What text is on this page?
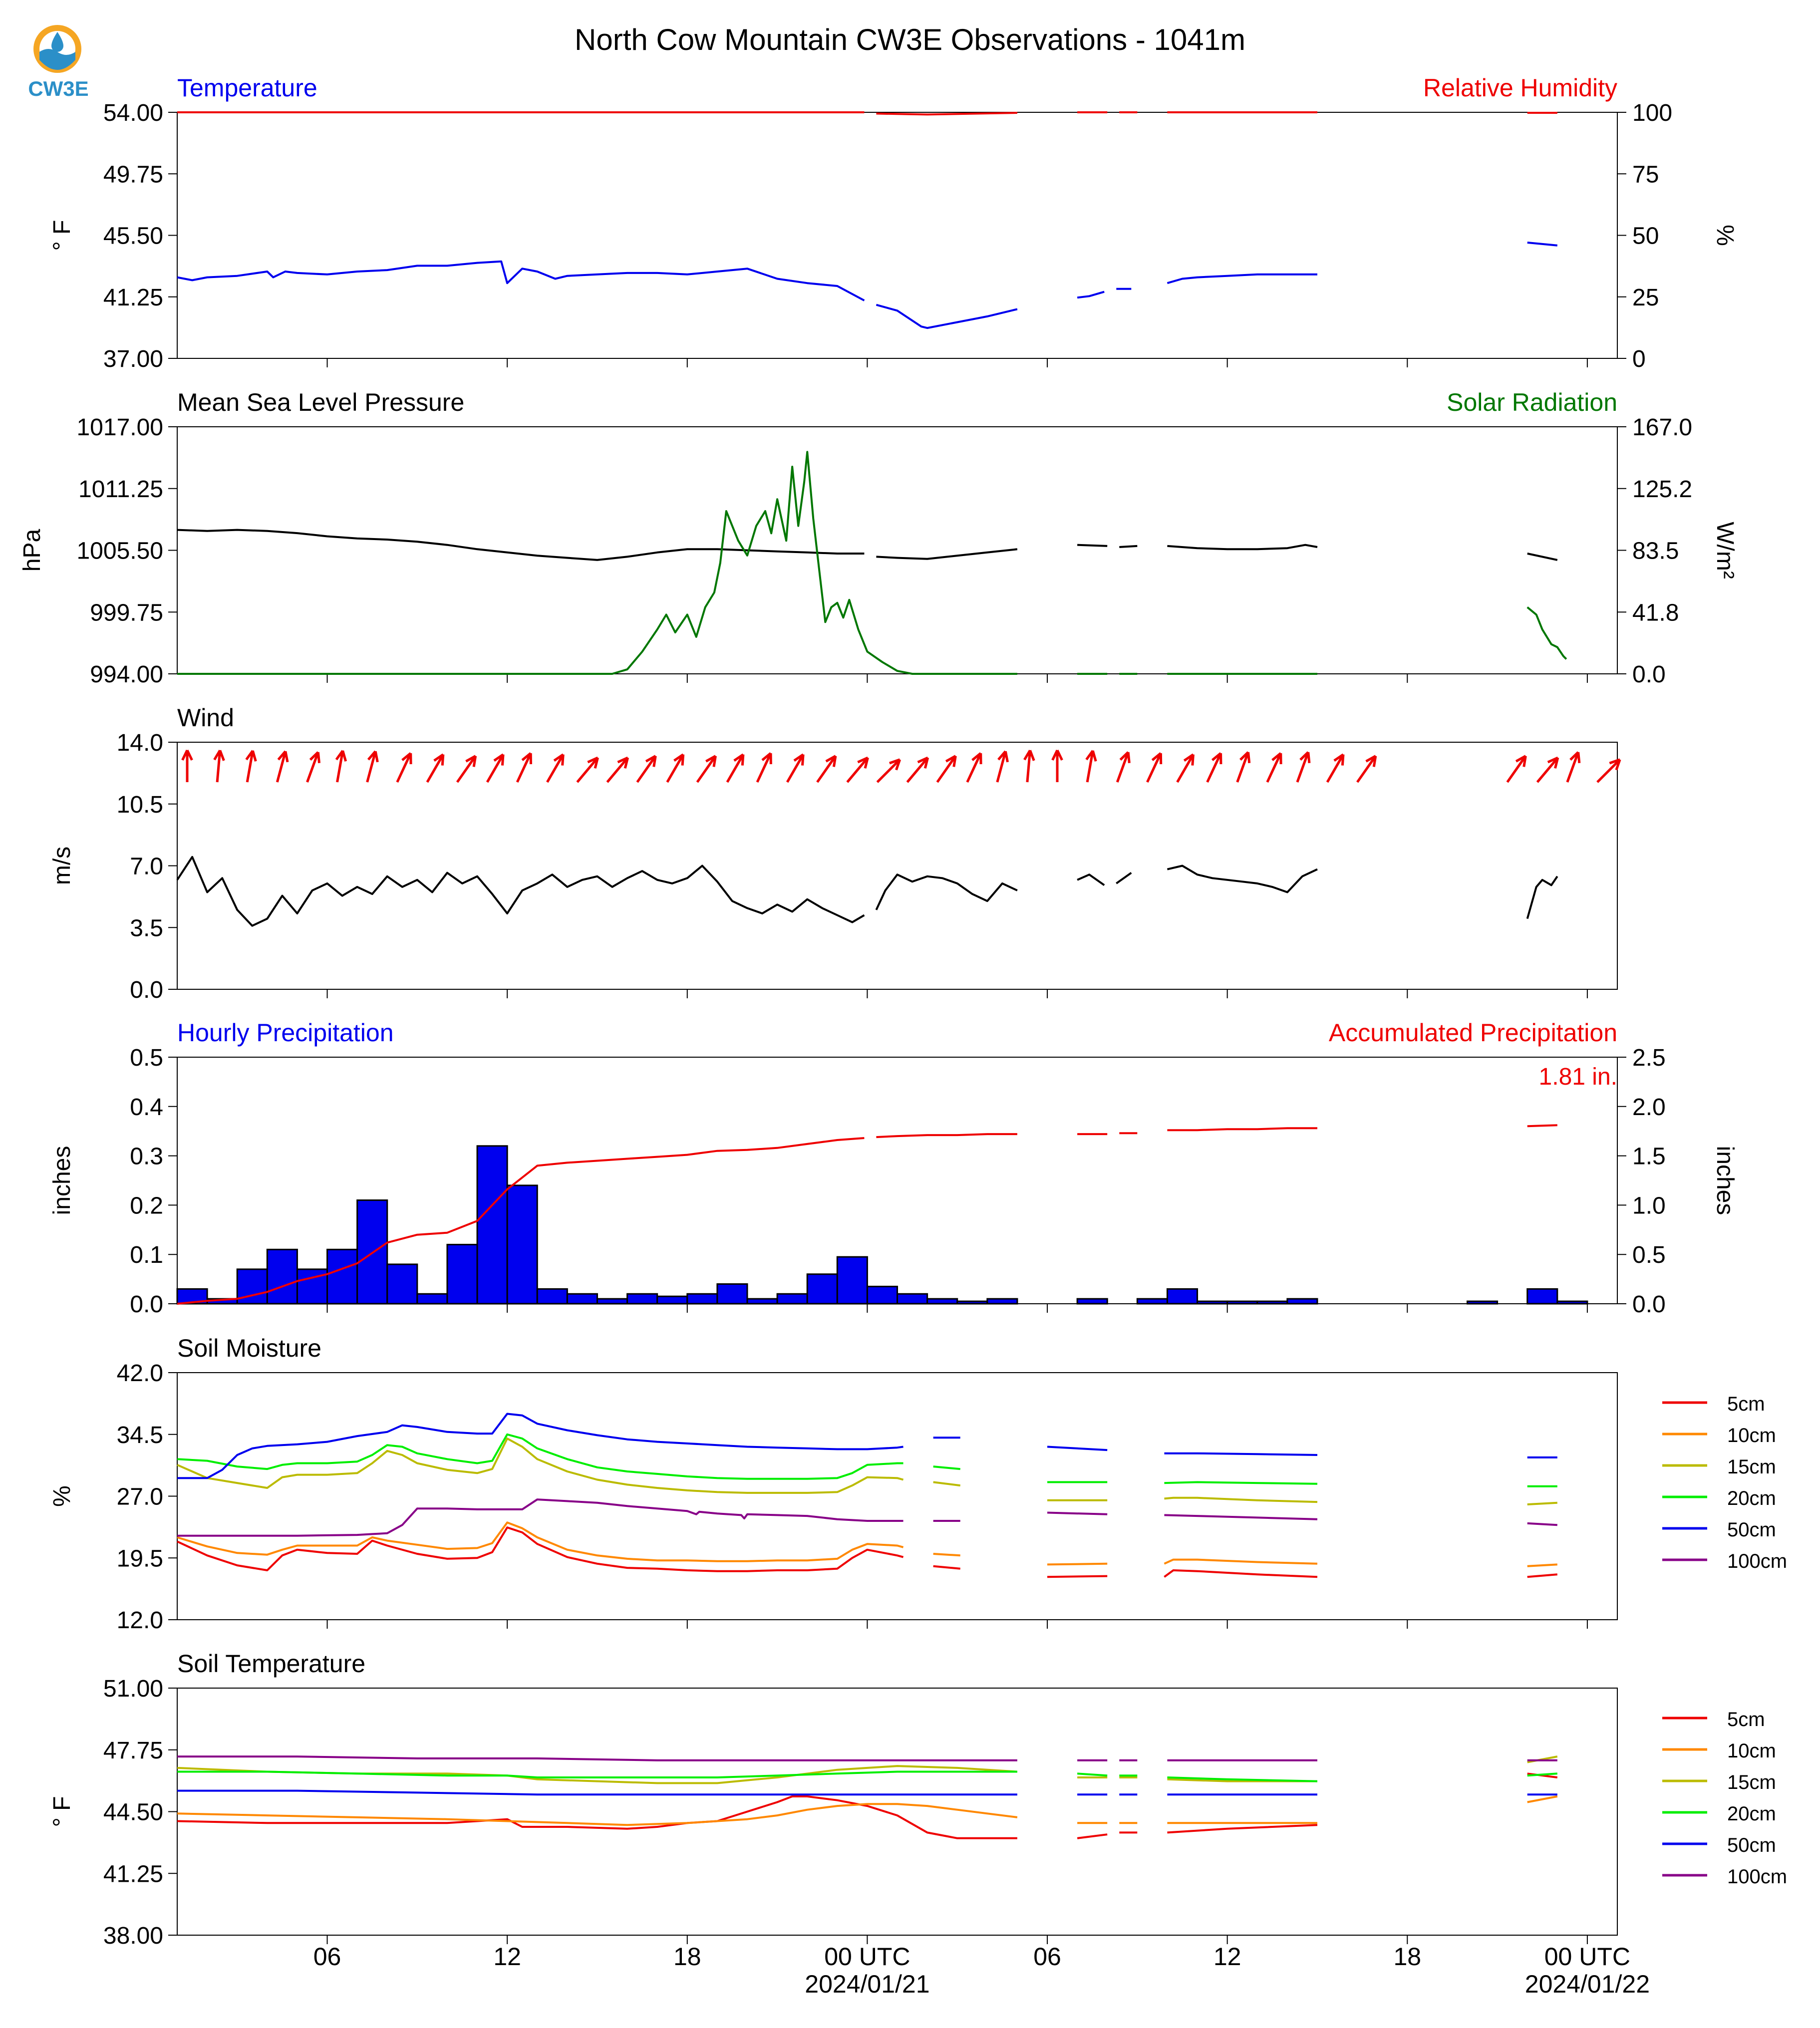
North Cow Mountain CW3E Observations - 1041m
CW3E
54.00
49.75
45.50
41.25
37.00
100
75
50
25
0
Temperature	Relative Humidity
° F	%
1017.00
1011.25
1005.50
999.75
994.00
167.0
125.2
83.5
41.8
0.0
Mean Sea Level Pressure	Solar Radiation
hPa	W/m²
14.0
10.5
7.0
3.5
0.0
Wind
m/s
0.5
0.4
0.3
0.2
0.1
0.0
2.5
2.0
1.5
1.0
0.5
0.0
Hourly Precipitation	Accumulated Precipitation
inches	inches
1.81 in.
42.0
34.5
27.0
19.5
12.0
Soil Moisture
%
5cm
10cm
15cm
20cm
50cm
100cm
51.00
47.75
44.50
41.25
38.00
Soil Temperature
° F
5cm
10cm
15cm
20cm
50cm
100cm
06	12	18	00 UTC
2024/01/21
06	12	18	00 UTC
2024/01/22
